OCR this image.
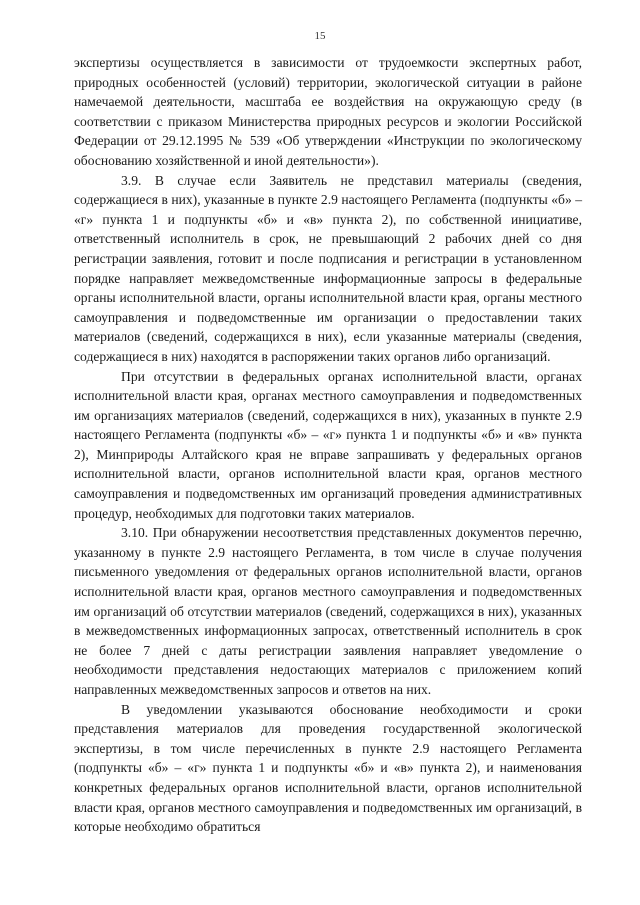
15

экспертизы осуществляется в зависимости от трудоемкости экспертных работ, природных особенностей (условий) территории, экологической ситуации в районе намечаемой деятельности, масштаба ее воздействия на окружающую среду (в соответствии с приказом Министерства природных ресурсов и экологии Российской Федерации от 29.12.1995 № 539 «Об утверждении «Инструкции по экологическому обоснованию хозяйственной и иной деятельности»).

3.9. В случае если Заявитель не представил материалы (сведения, содержащиеся в них), указанные в пункте 2.9 настоящего Регламента (подпункты «б» – «г» пункта 1 и подпункты «б» и «в» пункта 2), по собственной инициативе, ответственный исполнитель в срок, не превышающий 2 рабочих дней со дня регистрации заявления, готовит и после подписания и регистрации в установленном порядке направляет межведомственные информационные запросы в федеральные органы исполнительной власти, органы исполнительной власти края, органы местного самоуправления и подведомственные им организации о предоставлении таких материалов (сведений, содержащихся в них), если указанные материалы (сведения, содержащиеся в них) находятся в распоряжении таких органов либо организаций.

При отсутствии в федеральных органах исполнительной власти, органах исполнительной власти края, органах местного самоуправления и подведомственных им организациях материалов (сведений, содержащихся в них), указанных в пункте 2.9 настоящего Регламента (подпункты «б» – «г» пункта 1 и подпункты «б» и «в» пункта 2), Минприроды Алтайского края не вправе запрашивать у федеральных органов исполнительной власти, органов исполнительной власти края, органов местного самоуправления и подведомственных им организаций проведения административных процедур, необходимых для подготовки таких материалов.

3.10. При обнаружении несоответствия представленных документов перечню, указанному в пункте 2.9 настоящего Регламента, в том числе в случае получения письменного уведомления от федеральных органов исполнительной власти, органов исполнительной власти края, органов местного самоуправления и подведомственных им организаций об отсутствии материалов (сведений, содержащихся в них), указанных в межведомственных информационных запросах, ответственный исполнитель в срок не более 7 дней с даты регистрации заявления направляет уведомление о необходимости представления недостающих материалов с приложением копий направленных межведомственных запросов и ответов на них.

В уведомлении указываются обоснование необходимости и сроки представления материалов для проведения государственной экологической экспертизы, в том числе перечисленных в пункте 2.9 настоящего Регламента (подпункты «б» – «г» пункта 1 и подпункты «б» и «в» пункта 2), и наименования конкретных федеральных органов исполнительной власти, органов исполнительной власти края, органов местного самоуправления и подведомственных им организаций, в которые необходимо обратиться
